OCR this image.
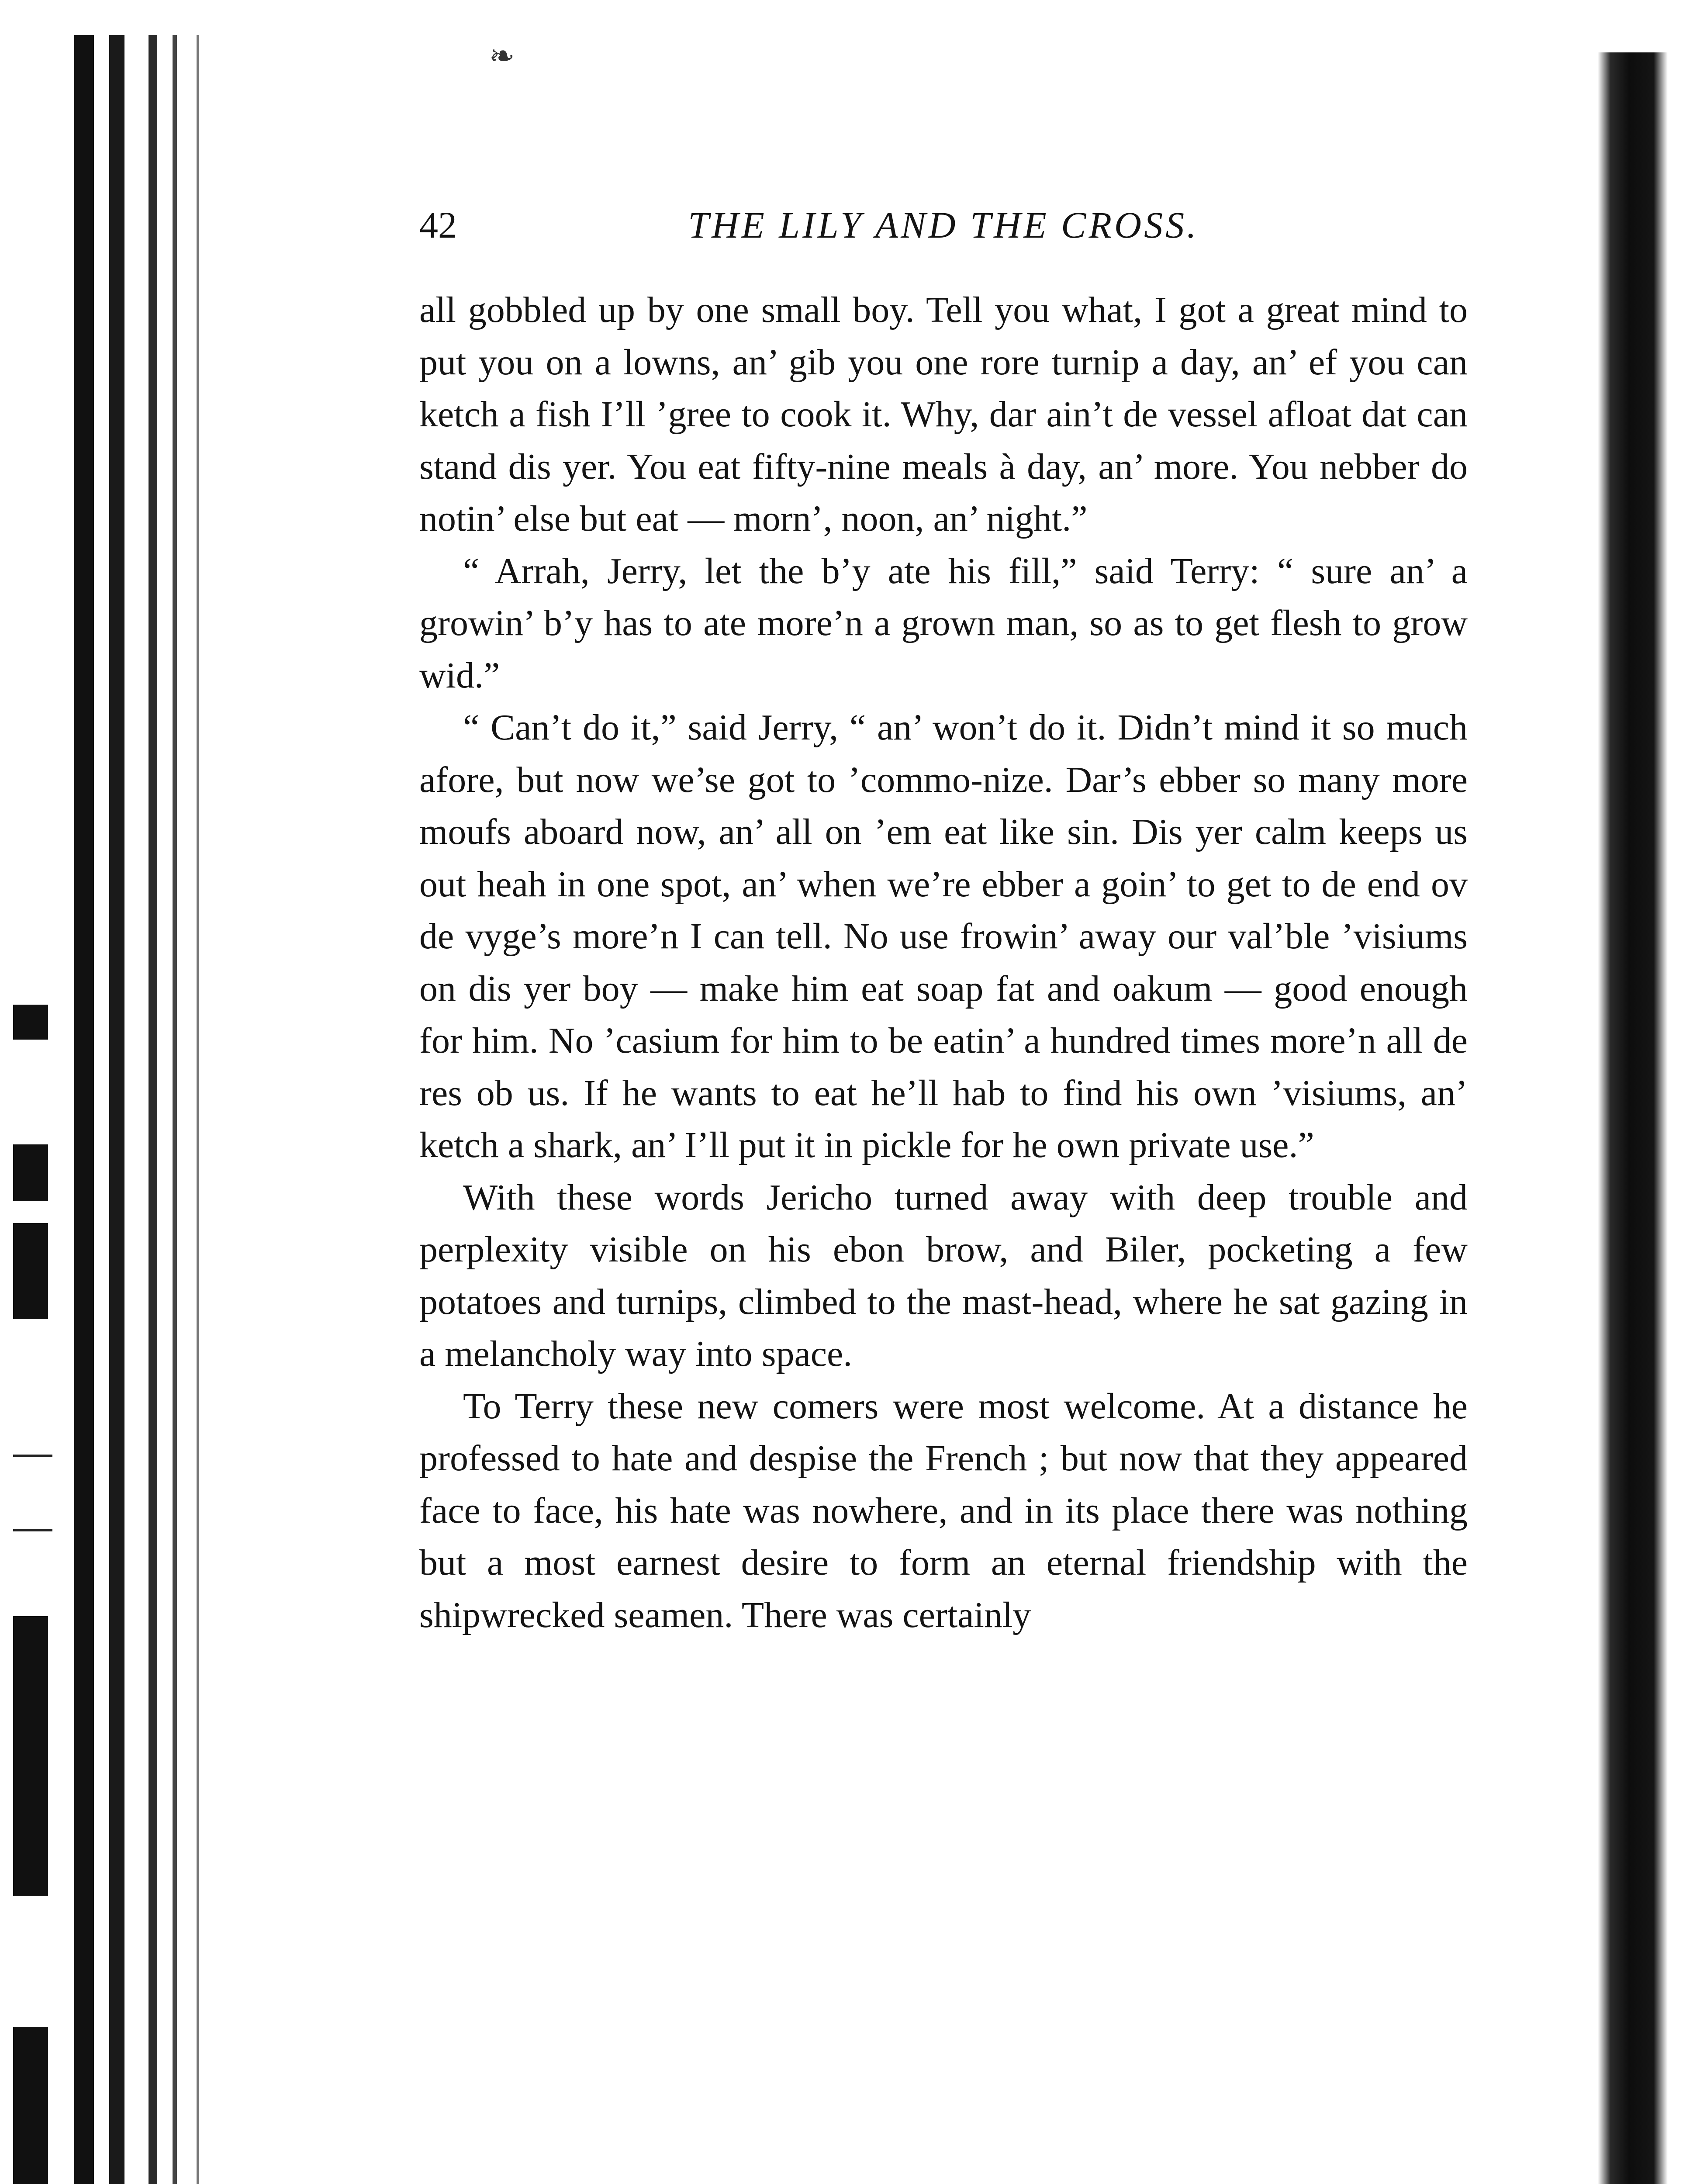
❧
42	THE LILY AND THE CROSS.

all gobbled up by one small boy. Tell you what, I got a great mind to put you on a lowns, an’ gib you one rore turnip a day, an’ ef you can ketch a fish I’ll ’gree to cook it. Why, dar ain’t de vessel afloat dat can stand dis yer. You eat fifty-nine meals à day, an’ more. You nebber do notin’ else but eat — morn’, noon, an’ night.”

“ Arrah, Jerry, let the b’y ate his fill,” said Terry: “ sure an’ a growin’ b’y has to ate more’n a grown man, so as to get flesh to grow wid.”

“ Can’t do it,” said Jerry, “ an’ won’t do it. Didn’t mind it so much afore, but now we’se got to ’commo-nize. Dar’s ebber so many more moufs aboard now, an’ all on ’em eat like sin. Dis yer calm keeps us out heah in one spot, an’ when we’re ebber a goin’ to get to de end ov de vyge’s more’n I can tell. No use frowin’ away our val’ble ’visiums on dis yer boy — make him eat soap fat and oakum — good enough for him. No ’casium for him to be eatin’ a hundred times more’n all de res ob us. If he wants to eat he’ll hab to find his own ’visiums, an’ ketch a shark, an’ I’ll put it in pickle for he own private use.”

With these words Jericho turned away with deep trouble and perplexity visible on his ebon brow, and Biler, pocketing a few potatoes and turnips, climbed to the mast-head, where he sat gazing in a melancholy way into space.

To Terry these new comers were most welcome. At a distance he professed to hate and despise the French ; but now that they appeared face to face, his hate was nowhere, and in its place there was nothing but a most earnest desire to form an eternal friendship with the shipwrecked seamen. There was certainly
